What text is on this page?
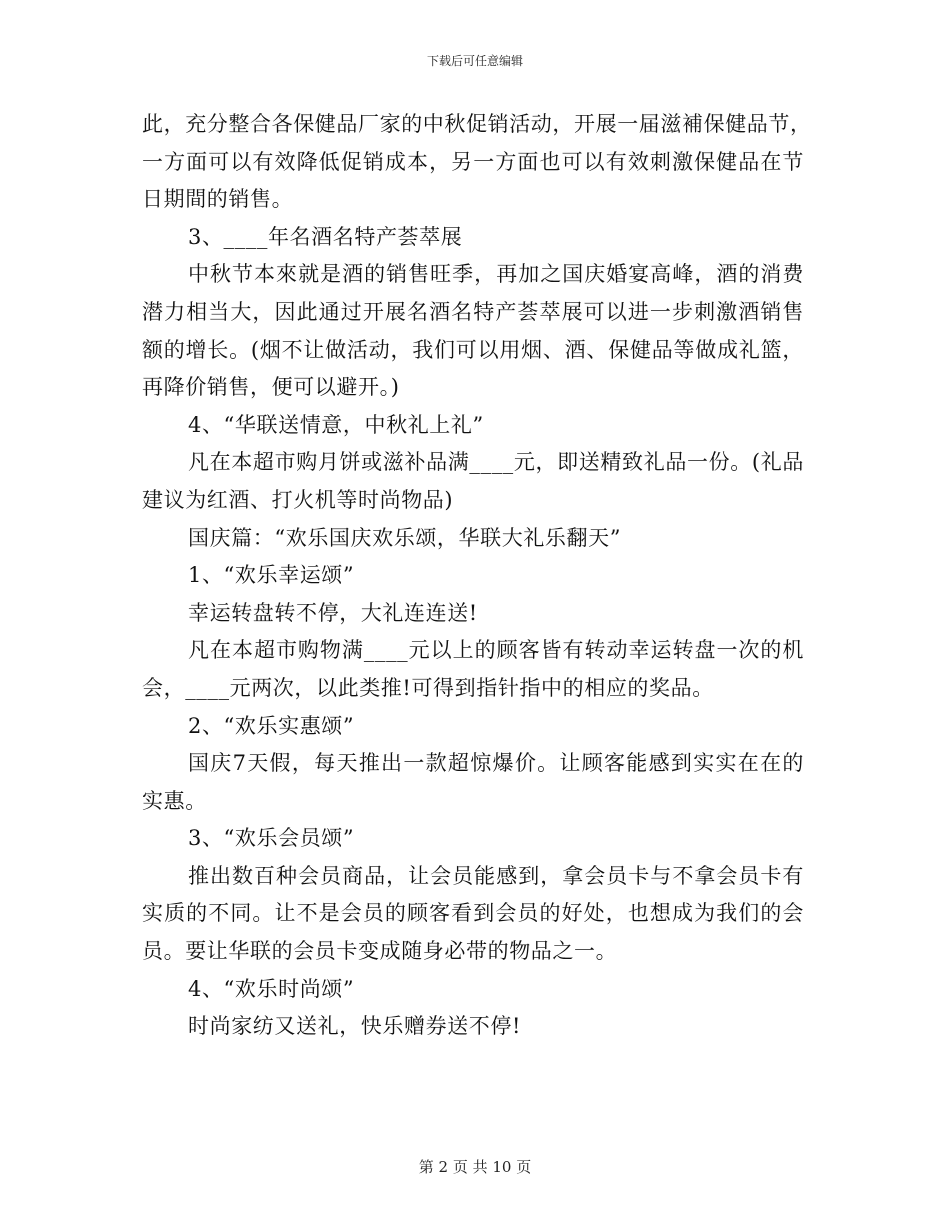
下载后可任意编辑
此，充分整合各保健品厂家的中秋促销活动，开展一届滋補保健品节，
一方面可以有效降低促销成本，另一方面也可以有效刺激保健品在节
日期間的销售。
3、____年名酒名特产荟萃展
中秋节本來就是酒的销售旺季，再加之国庆婚宴高峰，酒的消费
潜力相当大，因此通过开展名酒名特产荟萃展可以进一步刺激酒销售
额的增长。(烟不让做活动，我们可以用烟、酒、保健品等做成礼篮，
再降价销售，便可以避开。)
4、“华联送情意，中秋礼上礼”
凡在本超市购月饼或滋补品满____元，即送精致礼品一份。(礼品
建议为红酒、打火机等时尚物品)
国庆篇：“欢乐国庆欢乐颂，华联大礼乐翻天”
1、“欢乐幸运颂”
幸运转盘转不停，大礼连连送!
凡在本超市购物满____元以上的顾客皆有转动幸运转盘一次的机
会，____元两次，以此类推!可得到指针指中的相应的奖品。
2、“欢乐实惠颂”
国庆7天假，每天推出一款超惊爆价。让顾客能感到实实在在的
实惠。
3、“欢乐会员颂”
推出数百种会员商品，让会员能感到，拿会员卡与不拿会员卡有
实质的不同。让不是会员的顾客看到会员的好处，也想成为我们的会
员。要让华联的会员卡变成随身必带的物品之一。
4、“欢乐时尚颂”
时尚家纺又送礼，快乐赠券送不停!
第 2 页 共 10 页
